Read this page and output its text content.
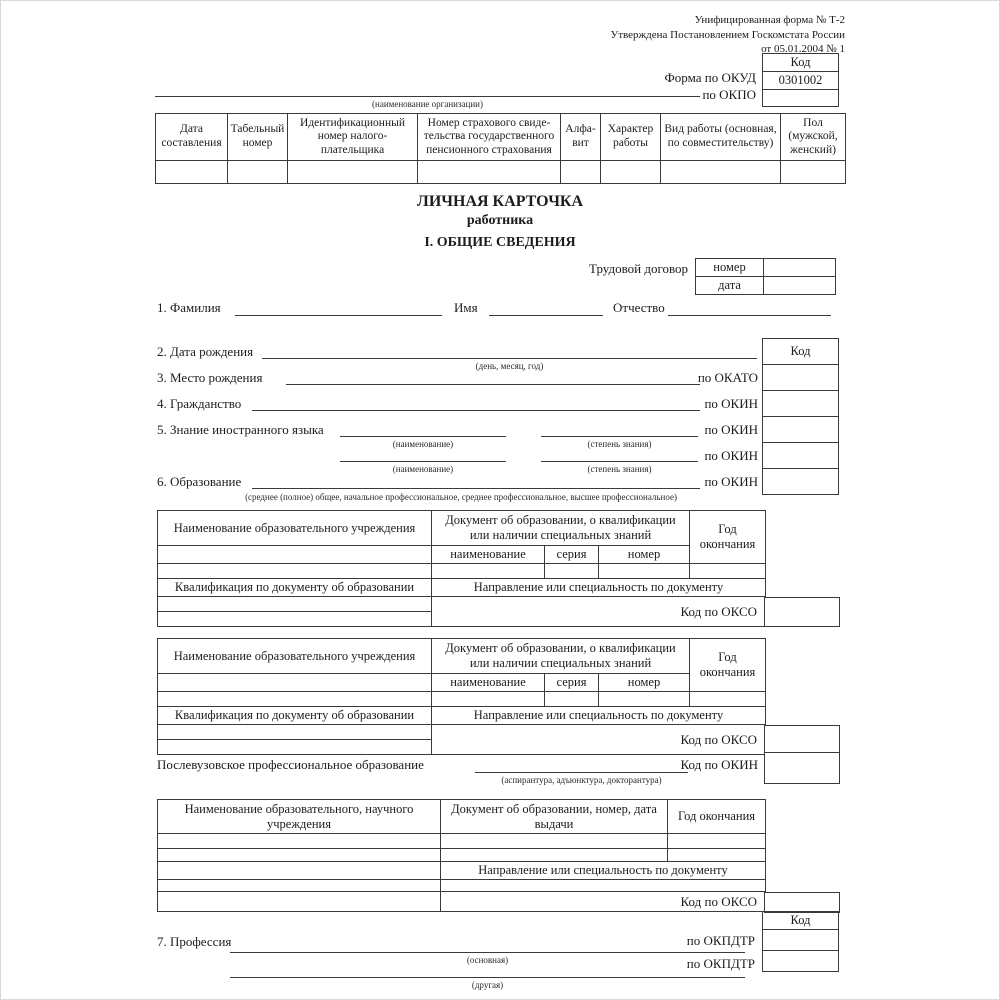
Унифицированная форма № Т-2
Утверждена Постановлением Госкомстата России
от 05.01.2004 № 1
Форма по ОКУД
по ОКПО
Код
0301002

(наименование организации)
Дата составления	Табельный номер	Идентификационный номер налого-плательщика	Номер страхового свиде-тельства государственного пенсионного страхования	Алфа-вит	Характер работы	Вид работы (основная, по совместительству)	Пол (мужской, женский)

ЛИЧНАЯ КАРТОЧКА
работника
I. ОБЩИЕ СВЕДЕНИЯ
Трудовой договор номер	
дата	
1. Фамилия	Имя	Отчество
Код

2. Дата рождения
(день, месяц, год)
3. Место рождения	по ОКАТО
4. Гражданство	по ОКИН
5. Знание иностранного языка
(наименование)	(степень знания)
по ОКИН
(наименование)	(степень знания)
по ОКИН
6. Образование	по ОКИН
(среднее (полное) общее, начальное профессиональное, среднее профессиональное, высшее профессиональное)
Наименование образовательного учреждения	Документ об образовании, о квалификации или наличии специальных знаний			Год окончания
	наименование	серия	номер	

Квалификация по документу об образовании	Направление или специальность по документу			
	Код по ОКСО			

Наименование образовательного учреждения	Документ об образовании, о квалификации или наличии специальных знаний			Год окончания
	наименование	серия	номер	

Квалификация по документу об образовании	Направление или специальность по документу			
	Код по ОКСО			

Послевузовское профессиональное образование
(аспирантура, адъюнктура, докторантура)
Код по ОКИН
Наименование образовательного, научного учреждения	Документ об образовании, номер, дата выдачи	Год окончания

	Направление или специальность по документу	

	Код по ОКСО	
Код

7. Профессия
(основная)
по ОКПДТР
(другая)
по ОКПДТР
